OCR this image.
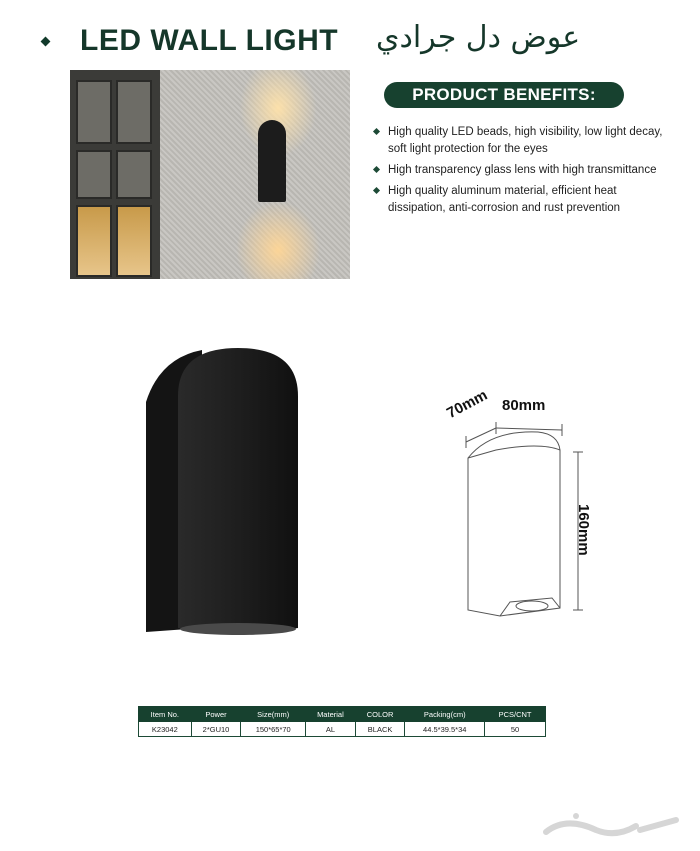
LED WALL LIGHT عوض دل جرادي
PRODUCT BENEFITS:
High quality LED beads, high visibility, low light decay, soft light protection for the eyes
High transparency glass lens with high transmittance
High quality aluminum material, efficient heat dissipation, anti-corrosion and rust prevention
70mm 80mm
160mm
Item No.	Power	Size(mm)	Material	COLOR	Packing(cm)	PCS/CNT
K23042	2*GU10	150*65*70	AL	BLACK	44.5*39.5*34	50
